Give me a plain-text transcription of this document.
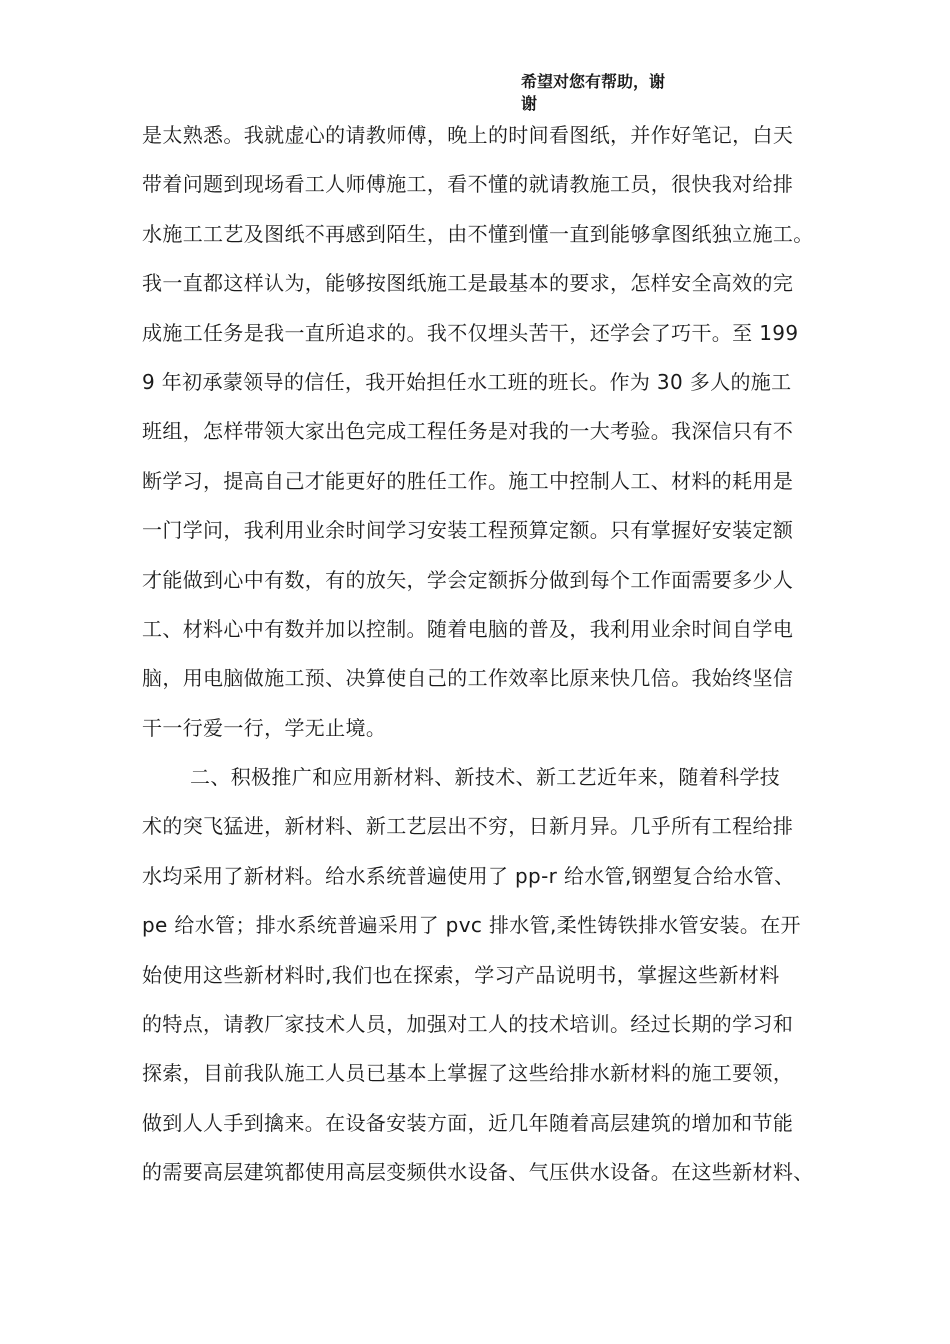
希望对您有帮助，谢
谢
是太熟悉。我就虚心的请教师傅，晚上的时间看图纸，并作好笔记，白天
带着问题到现场看工人师傅施工，看不懂的就请教施工员，很快我对给排
水施工工艺及图纸不再感到陌生，由不懂到懂一直到能够拿图纸独立施工。
我一直都这样认为，能够按图纸施工是最基本的要求，怎样安全高效的完
成施工任务是我一直所追求的。我不仅埋头苦干，还学会了巧干。至 199
9 年初承蒙领导的信任，我开始担任水工班的班长。作为 30 多人的施工
班组，怎样带领大家出色完成工程任务是对我的一大考验。我深信只有不
断学习，提高自己才能更好的胜任工作。施工中控制人工、材料的耗用是
一门学问，我利用业余时间学习安装工程预算定额。只有掌握好安装定额
才能做到心中有数，有的放矢，学会定额拆分做到每个工作面需要多少人
工、材料心中有数并加以控制。随着电脑的普及，我利用业余时间自学电
脑，用电脑做施工预、决算使自己的工作效率比原来快几倍。我始终坚信
干一行爱一行，学无止境。
二、积极推广和应用新材料、新技术、新工艺近年来，随着科学技
术的突飞猛进，新材料、新工艺层出不穷，日新月异。几乎所有工程给排
水均采用了新材料。给水系统普遍使用了 pp-r 给水管,钢塑复合给水管、
pe 给水管；排水系统普遍采用了 pvc 排水管,柔性铸铁排水管安装。在开
始使用这些新材料时,我们也在探索，学习产品说明书，掌握这些新材料
的特点，请教厂家技术人员，加强对工人的技术培训。经过长期的学习和
探索，目前我队施工人员已基本上掌握了这些给排水新材料的施工要领，
做到人人手到擒来。在设备安装方面，近几年随着高层建筑的增加和节能
的需要高层建筑都使用高层变频供水设备、气压供水设备。在这些新材料、
